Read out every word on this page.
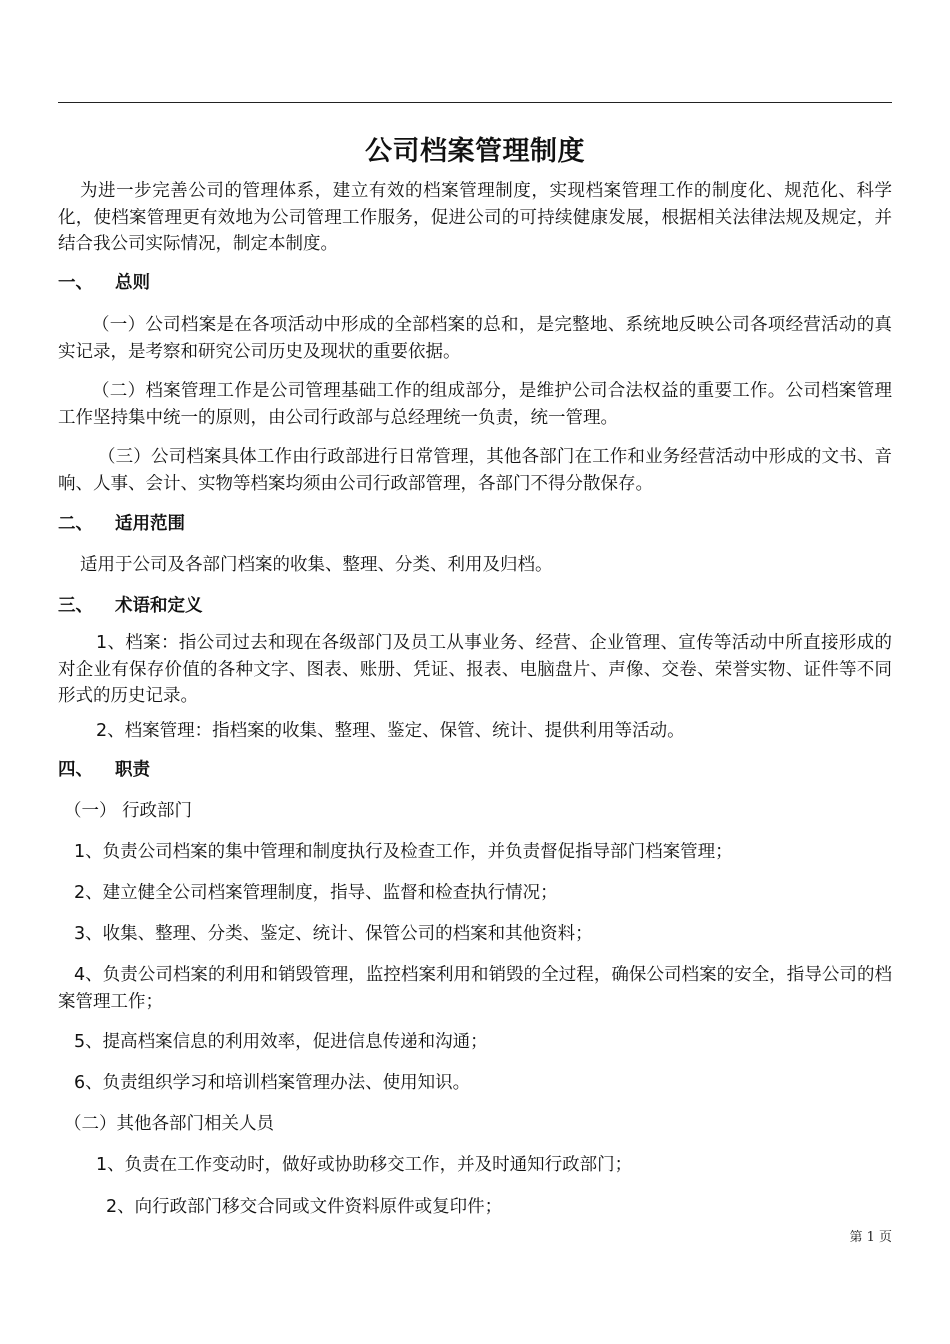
公司档案管理制度
为进一步完善公司的管理体系，建立有效的档案管理制度，实现档案管理工作的制度化、规范化、科学化，使档案管理更有效地为公司管理工作服务，促进公司的可持续健康发展，根据相关法律法规及规定，并结合我公司实际情况，制定本制度。
一、 总则
（一）公司档案是在各项活动中形成的全部档案的总和，是完整地、系统地反映公司各项经营活动的真实记录，是考察和研究公司历史及现状的重要依据。
（二）档案管理工作是公司管理基础工作的组成部分，是维护公司合法权益的重要工作。公司档案管理工作坚持集中统一的原则，由公司行政部与总经理统一负责，统一管理。
（三）公司档案具体工作由行政部进行日常管理，其他各部门在工作和业务经营活动中形成的文书、音响、人事、会计、实物等档案均须由公司行政部管理，各部门不得分散保存。
二、 适用范围
适用于公司及各部门档案的收集、整理、分类、利用及归档。
三、 术语和定义
1、档案：指公司过去和现在各级部门及员工从事业务、经营、企业管理、宣传等活动中所直接形成的对企业有保存价值的各种文字、图表、账册、凭证、报表、电脑盘片、声像、交卷、荣誉实物、证件等不同形式的历史记录。
2、档案管理：指档案的收集、整理、鉴定、保管、统计、提供利用等活动。
四、 职责
（一） 行政部门
1、负责公司档案的集中管理和制度执行及检查工作，并负责督促指导部门档案管理；
2、建立健全公司档案管理制度，指导、监督和检查执行情况；
3、收集、整理、分类、鉴定、统计、保管公司的档案和其他资料；
4、负责公司档案的利用和销毁管理，监控档案利用和销毁的全过程，确保公司档案的安全，指导公司的档案管理工作；
5、提高档案信息的利用效率，促进信息传递和沟通；
6、负责组织学习和培训档案管理办法、使用知识。
（二）其他各部门相关人员
1、负责在工作变动时，做好或协助移交工作，并及时通知行政部门；
2、向行政部门移交合同或文件资料原件或复印件；
第 1 页
